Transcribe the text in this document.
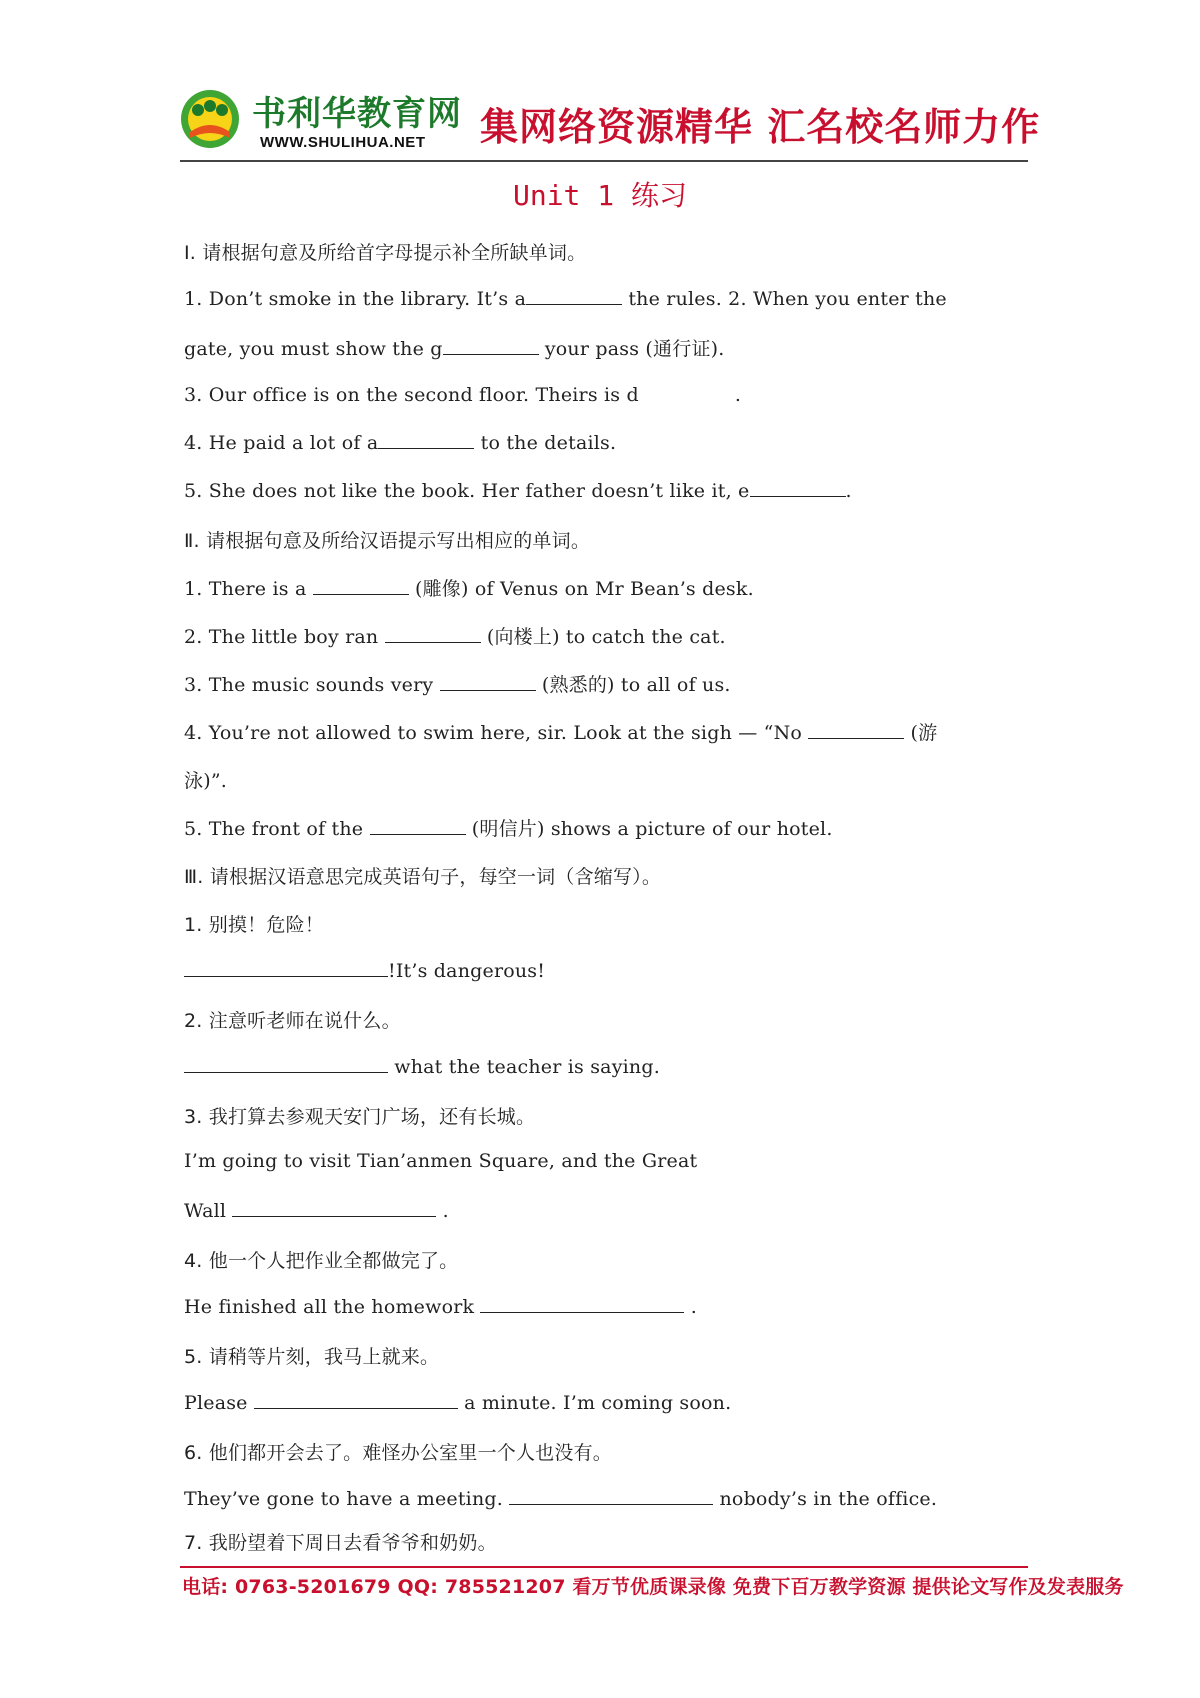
书利华教育网
WWW.SHULIHUA.NET 集网络资源精华 汇名校名师力作
Unit 1 练习
Ⅰ. 请根据句意及所给首字母提示补全所缺单词。
1. Don’t smoke in the library. It’s a	the rules. 2. When you enter the
gate, you must show the g	your pass (通行证).
3. Our office is on the second floor. Theirs is d	.
4. He paid a lot of a	to the details.
5. She does not like the book. Her father doesn’t like it, e	.
Ⅱ. 请根据句意及所给汉语提示写出相应的单词。
1. There is a	(雕像) of Venus on Mr Bean’s desk.
2. The little boy ran	(向楼上) to catch the cat.
3. The music sounds very	(熟悉的) to all of us.
4. You’re not allowed to swim here, sir. Look at the sigh — “No	(游
泳)”.
5. The front of the	(明信片) shows a picture of our hotel.
Ⅲ. 请根据汉语意思完成英语句子，每空一词（含缩写）。
1. 别摸！危险！
!It’s dangerous!
2. 注意听老师在说什么。
what the teacher is saying.
3. 我打算去参观天安门广场，还有长城。
I’m going to visit Tian’anmen Square, and the Great
Wall	.
4. 他一个人把作业全都做完了。
He finished all the homework	.
5. 请稍等片刻，我马上就来。
Please	a minute. I’m coming soon.
6. 他们都开会去了。难怪办公室里一个人也没有。
They’ve gone to have a meeting.	nobody’s in the office.
7. 我盼望着下周日去看爷爷和奶奶。
电话: 0763-5201679 QQ: 785521207 看万节优质课录像 免费下百万教学资源 提供论文写作及发表服务
